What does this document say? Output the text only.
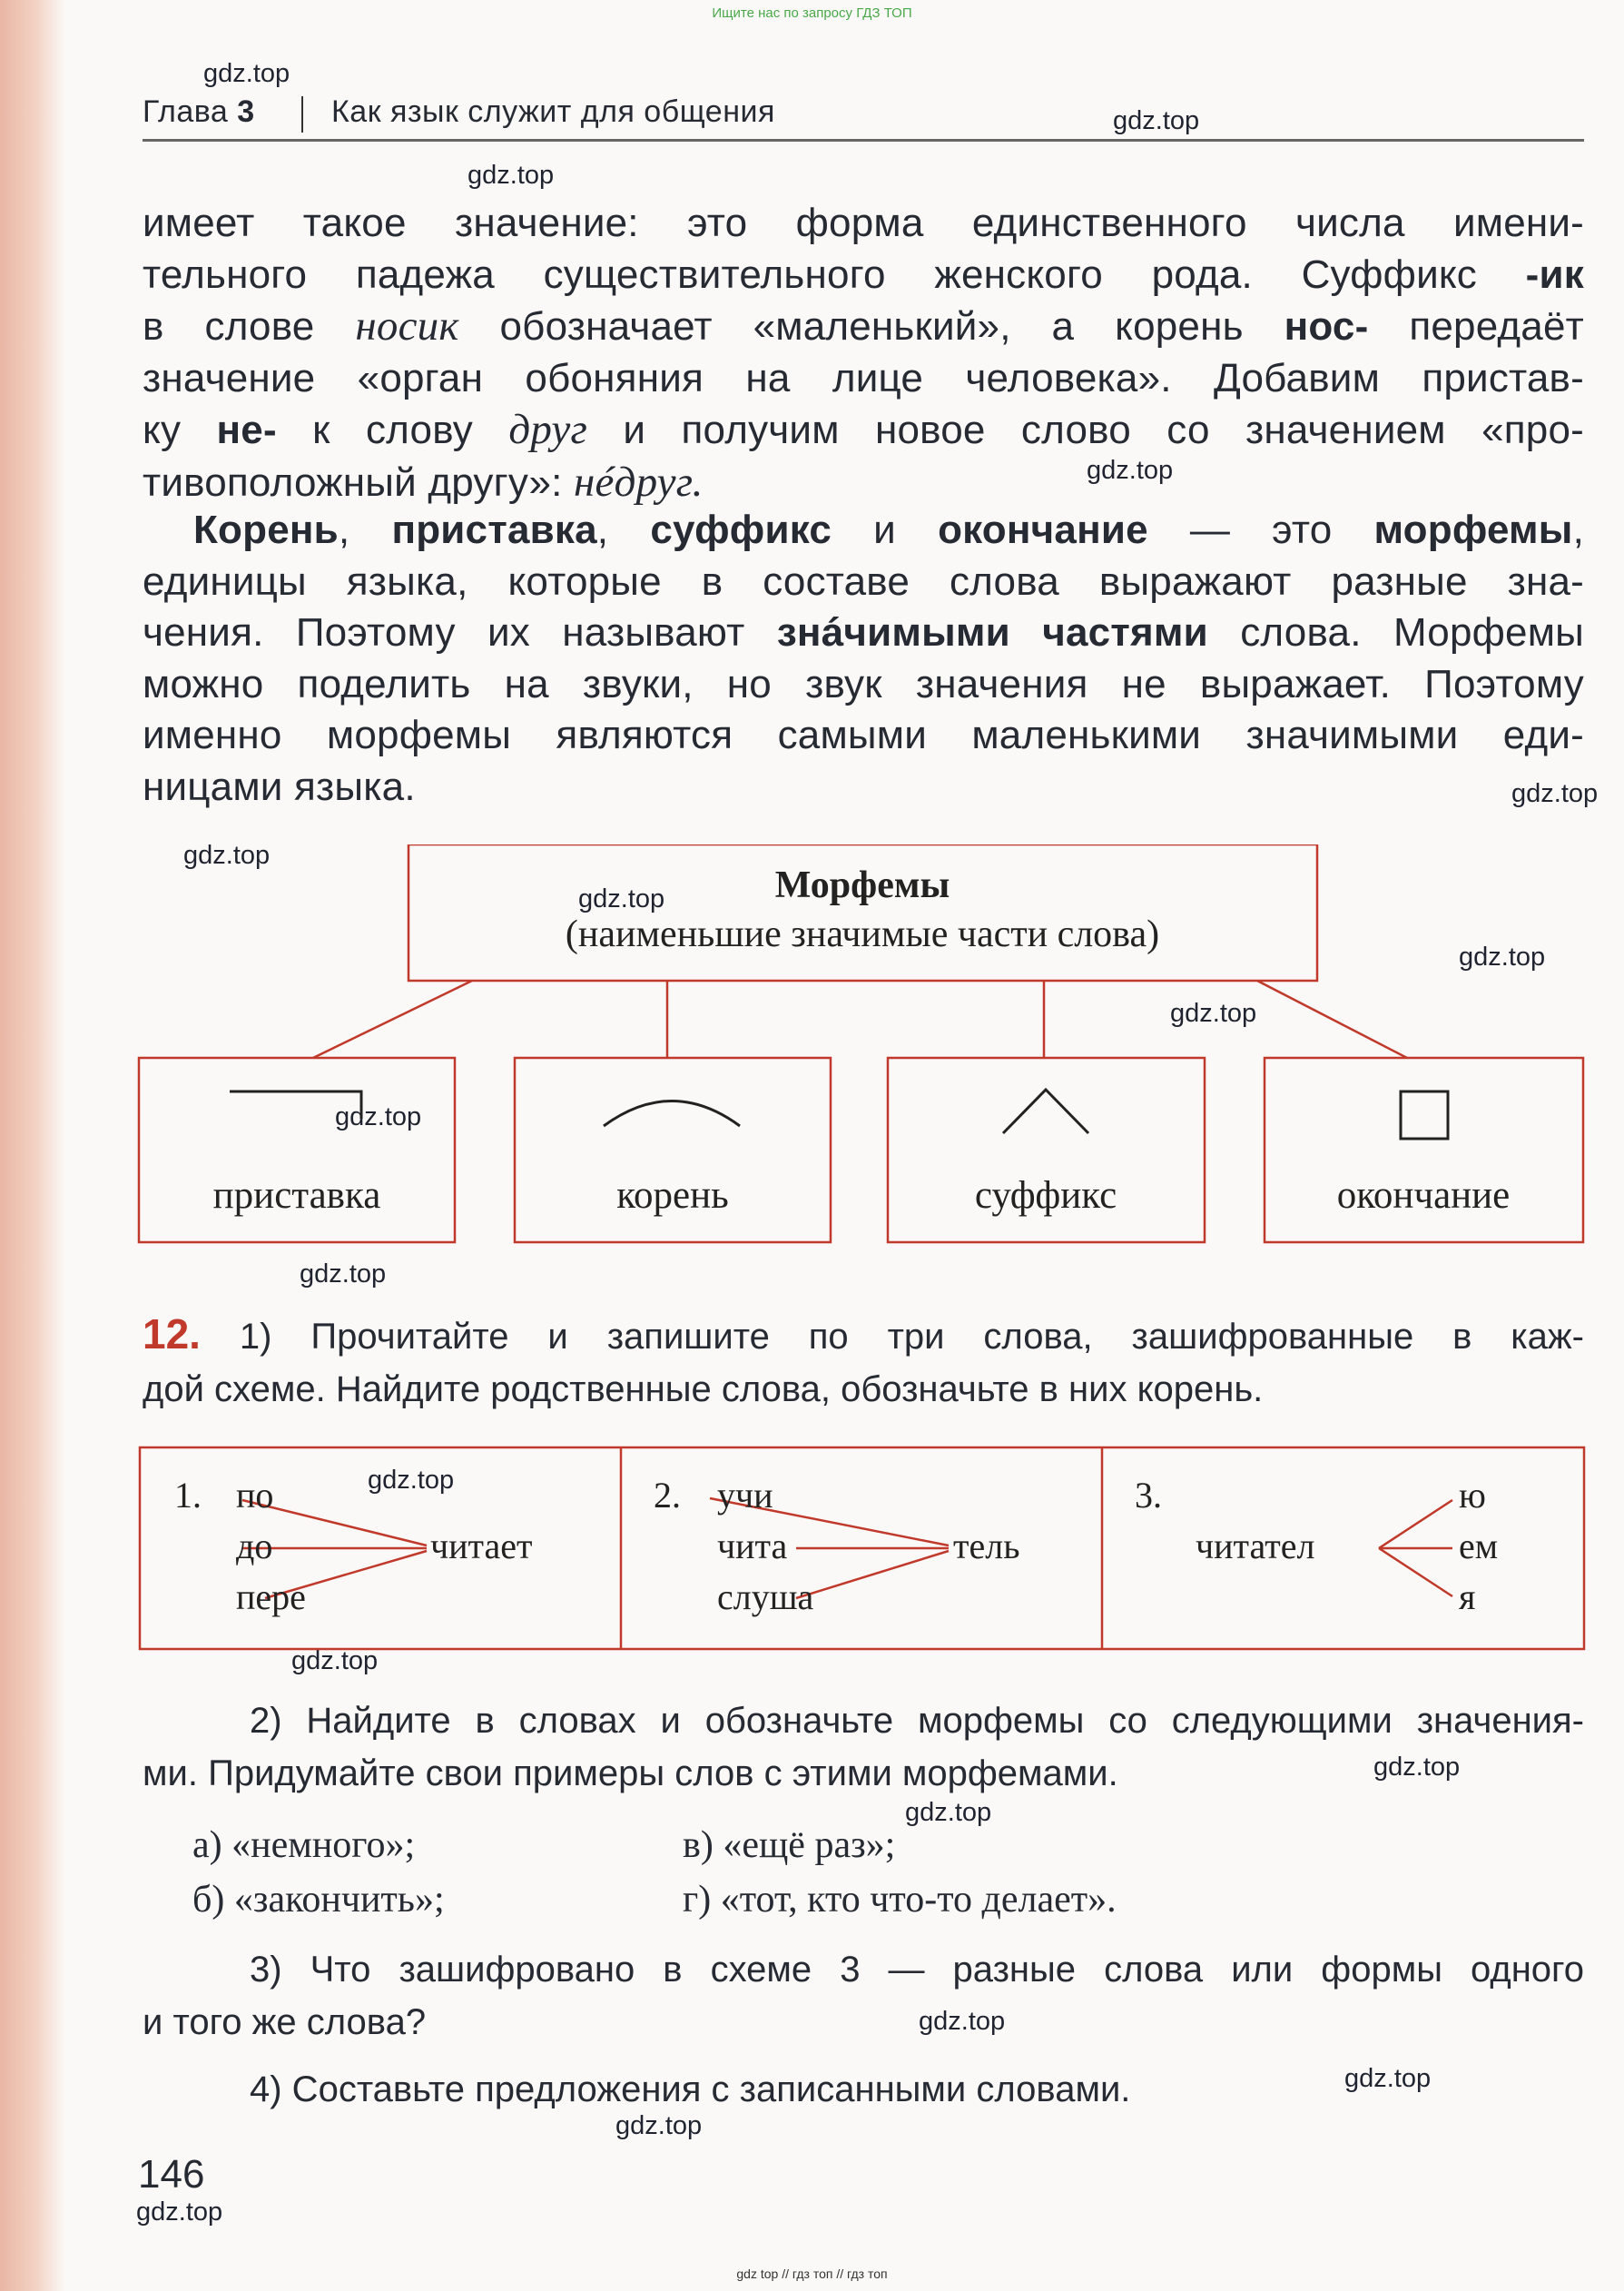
Ищите нас по запросу ГДЗ ТОП
Глава 3 Как язык служит для общения
gdz.top
gdz.top
gdz.top
gdz.top
gdz.top
gdz.top
gdz.top
gdz.top
gdz.top
gdz.top
gdz.top
gdz.top
gdz.top
gdz.top
gdz.top
gdz.top
gdz.top
gdz.top
gdz.top
имеет такое значение: это форма единственного числа имени-
тельного падежа существительного женского рода. Суффикс -ик
в слове носик обозначает «маленький», а корень нос- передаёт
значение «орган обоняния на лице человека». Добавим пристав-
ку не- к слову друг и получим новое слово со значением «про-
тивоположный другу»: нéдруг.
Корень, приставка, суффикс и окончание — это морфемы,
единицы языка, которые в составе слова выражают разные зна-
чения. Поэтому их называют знáчимыми частями слова. Морфемы
можно поделить на звуки, но звук значения не выражает. Поэтому
именно морфемы являются самыми маленькими значимыми еди-
ницами языка.
Морфемы
(наименьшие значимые части слова)
приставка	корень	суффикс	окончание
12. 1) Прочитайте и запишите по три слова, зашифрованные в каж-
дой схеме. Найдите родственные слова, обозначьте в них корень.
1. по
до
пере
читает
2. учи
чита
слуша
тель
3.
читател
ю
ем
я
2) Найдите в словах и обозначьте морфемы со следующими значения-
ми. Придумайте свои примеры слов с этими морфемами.
а) «немного»;	в) «ещё раз»;
б) «закончить»;	г) «тот, кто что-то делает».
3) Что зашифровано в схеме 3 — разные слова или формы одного
и того же слова?
4) Составьте предложения с записанными словами.
146
gdz top // гдз топ // гдз топ
